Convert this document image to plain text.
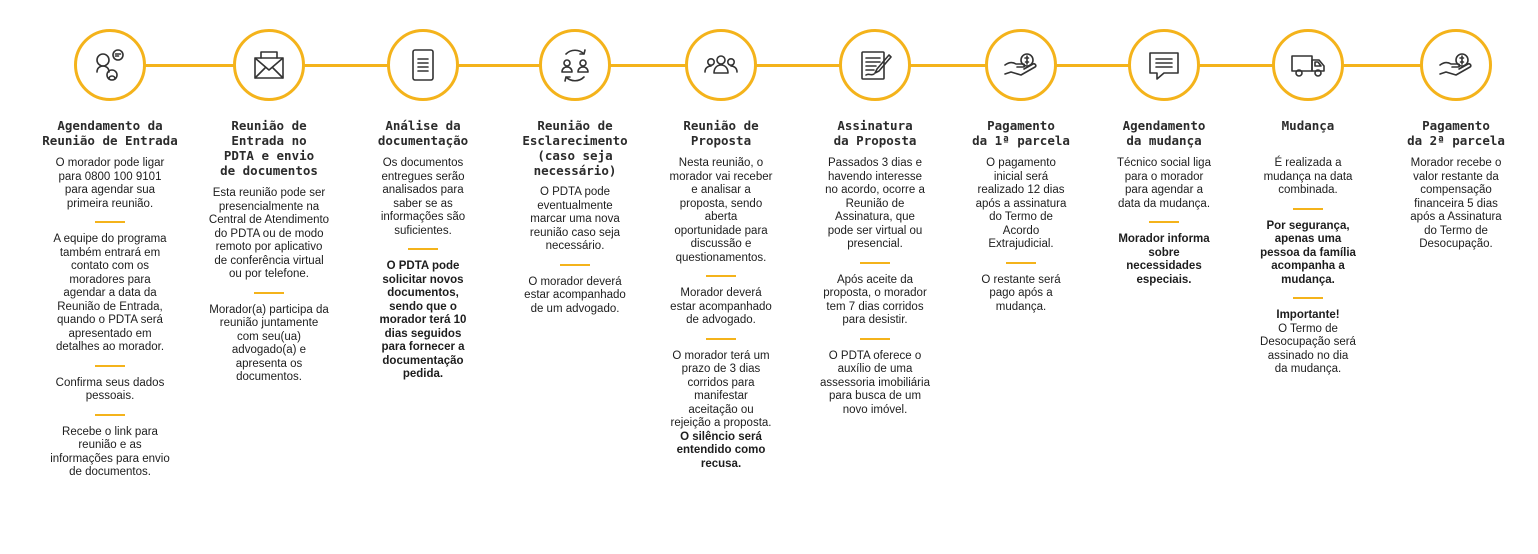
Agendamento da
Reunião de Entrada

O morador pode ligar
para 0800 100 9101
para agendar sua
primeira reunião.

A equipe do programa
também entrará em
contato com os
moradores para
agendar a data da
Reunião de Entrada,
quando o PDTA será
apresentado em
detalhes ao morador.

Confirma seus dados
pessoais.

Recebe o link para
reunião e as
informações para envio
de documentos.

Reunião de
Entrada no
PDTA e envio
de documentos

Esta reunião pode ser
presencialmente na
Central de Atendimento
do PDTA ou de modo
remoto por aplicativo
de conferência virtual
ou por telefone.

Morador(a) participa da
reunião juntamente
com seu(ua)
advogado(a) e
apresenta os
documentos.

Análise da
documentação

Os documentos
entregues serão
analisados para
saber se as
informações são
suficientes.

O PDTA pode
solicitar novos
documentos,
sendo que o
morador terá 10
dias seguidos
para fornecer a
documentação
pedida.

Reunião de
Esclarecimento
(caso seja
necessário)

O PDTA pode
eventualmente
marcar uma nova
reunião caso seja
necessário.

O morador deverá
estar acompanhado
de um advogado.

Reunião de
Proposta

Nesta reunião, o
morador vai receber
e analisar a
proposta, sendo
aberta
oportunidade para
discussão e
questionamentos.

Morador deverá
estar acompanhado
de advogado.

O morador terá um
prazo de 3 dias
corridos para
manifestar
aceitação ou
rejeição a proposta.

O silêncio será
entendido como
recusa.

Assinatura
da Proposta

Passados 3 dias e
havendo interesse
no acordo, ocorre a
Reunião de
Assinatura, que
pode ser virtual ou
presencial.

Após aceite da
proposta, o morador
tem 7 dias corridos
para desistir.

O PDTA oferece o
auxílio de uma
assessoria imobiliária
para busca de um
novo imóvel.

Pagamento
da 1ª parcela

O pagamento
inicial será
realizado 12 dias
após a assinatura
do Termo de
Acordo
Extrajudicial.

O restante será
pago após a
mudança.

Agendamento
da mudança

Técnico social liga
para o morador
para agendar a
data da mudança.

Morador informa
sobre
necessidades
especiais.

Mudança

É realizada a
mudança na data
combinada.

Por segurança,
apenas uma
pessoa da família
acompanha a
mudança.

Importante!

O Termo de
Desocupação será
assinado no dia
da mudança.

Pagamento
da 2ª parcela

Morador recebe o
valor restante da
compensação
financeira 5 dias
após a Assinatura
do Termo de
Desocupação.
